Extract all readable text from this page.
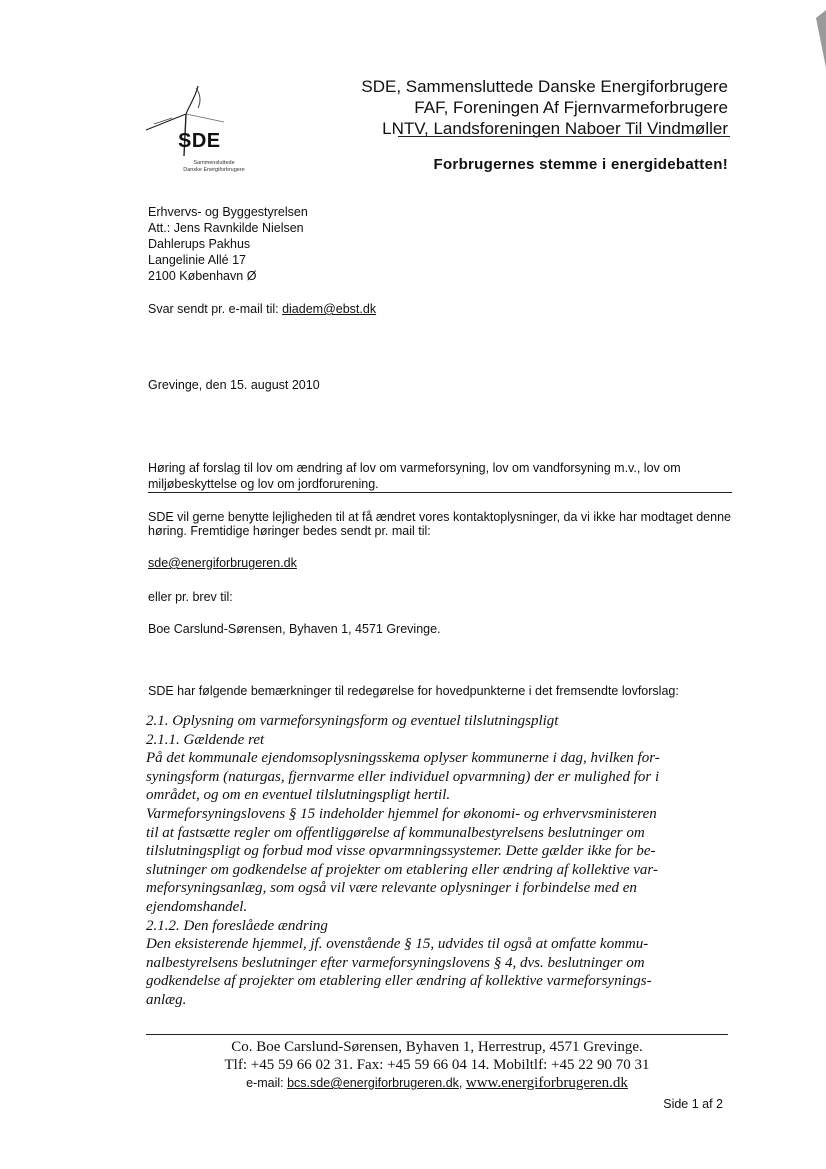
SDE
Sammensluttede
Danske Energiforbrugere
SDE, Sammensluttede Danske Energiforbrugere
FAF, Foreningen Af Fjernvarmeforbrugere
LNTV, Landsforeningen Naboer Til Vindmøller
Forbrugernes stemme i energidebatten!
Erhvervs- og Byggestyrelsen
Att.: Jens Ravnkilde Nielsen
Dahlerups Pakhus
Langelinie Allé 17
2100 København Ø
Svar sendt pr. e-mail til: diadem@ebst.dk
Grevinge, den 15. august 2010
Høring af forslag til lov om ændring af lov om varmeforsyning, lov om vandforsyning m.v., lov om miljøbeskyttelse og lov om jordforurening.
SDE vil gerne benytte lejligheden til at få ændret vores kontaktoplysninger, da vi ikke har modtaget denne høring. Fremtidige høringer bedes sendt pr. mail til:
sde@energiforbrugeren.dk
eller pr. brev til:
Boe Carslund-Sørensen, Byhaven 1, 4571 Grevinge.
SDE har følgende bemærkninger til redegørelse for hovedpunkterne i det fremsendte lovforslag:
2.1. Oplysning om varmeforsyningsform og eventuel tilslutningspligt
2.1.1. Gældende ret
På det kommunale ejendomsoplysningsskema oplyser kommunerne i dag, hvilken for-
syningsform (naturgas, fjernvarme eller individuel opvarmning) der er mulighed for i
området, og om en eventuel tilslutningspligt hertil.
Varmeforsyningslovens § 15 indeholder hjemmel for økonomi- og erhvervsministeren
til at fastsætte regler om offentliggørelse af kommunalbestyrelsens beslutninger om
tilslutningspligt og forbud mod visse opvarmningssystemer. Dette gælder ikke for be-
slutninger om godkendelse af projekter om etablering eller ændring af kollektive var-
meforsyningsanlæg, som også vil være relevante oplysninger i forbindelse med en
ejendomshandel.
2.1.2. Den foreslåede ændring
Den eksisterende hjemmel, jf. ovenstående § 15, udvides til også at omfatte kommu-
nalbestyrelsens beslutninger efter varmeforsyningslovens § 4, dvs. beslutninger om
godkendelse af projekter om etablering eller ændring af kollektive varmeforsynings-
anlæg.
Co. Boe Carslund-Sørensen, Byhaven 1, Herrestrup, 4571 Grevinge.
Tlf: +45 59 66 02 31. Fax: +45 59 66 04 14. Mobiltlf: +45 22 90 70 31
e-mail: bcs.sde@energiforbrugeren.dk, www.energiforbrugeren.dk
Side 1 af 2
